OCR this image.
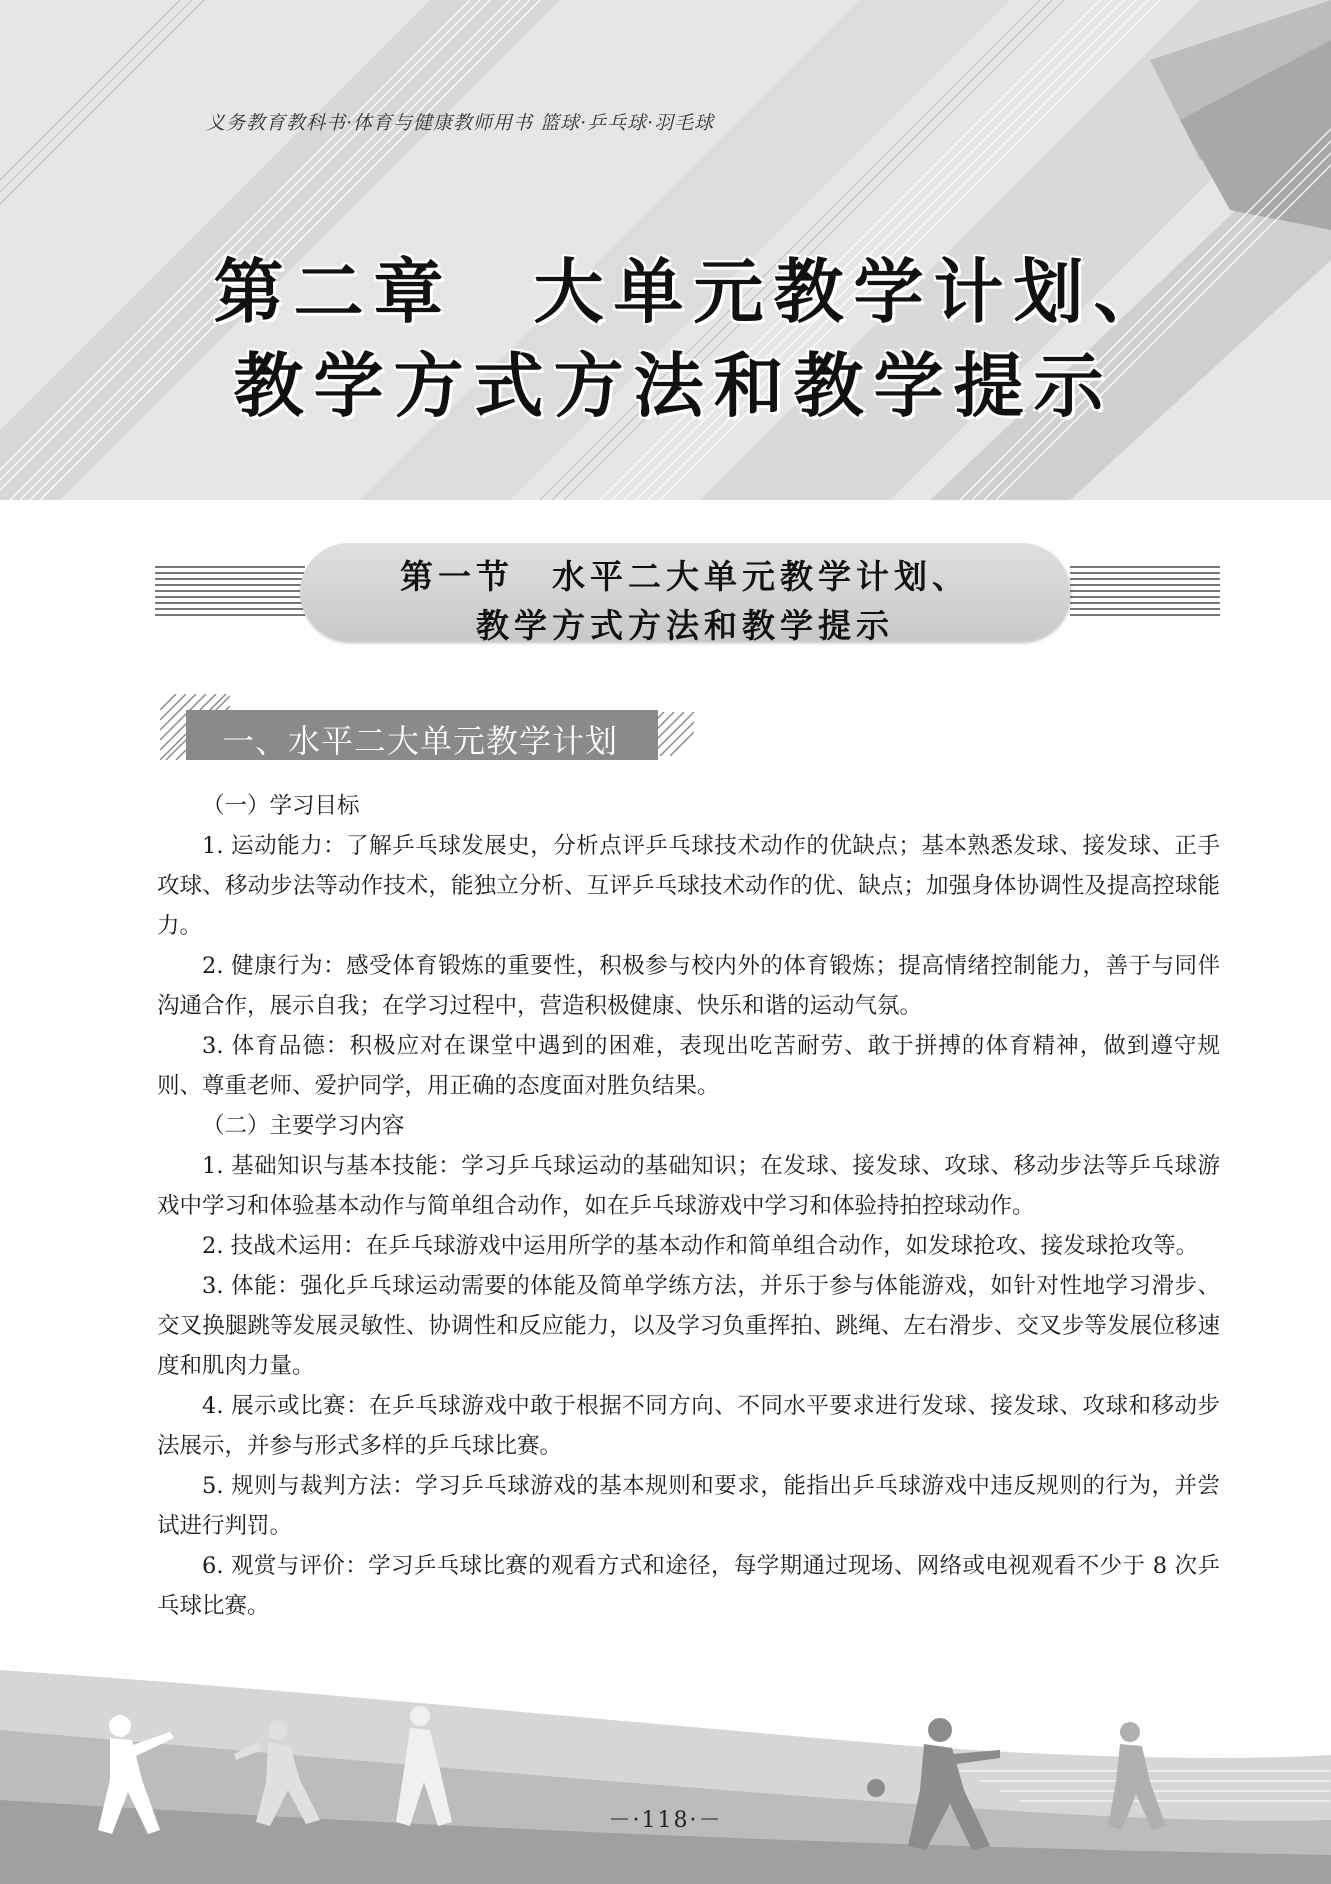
义务教育教科书·体育与健康教师用书 篮球·乒乓球·羽毛球
第二章　大单元教学计划、
教学方式方法和教学提示
第一节　水平二大单元教学计划、
教学方式方法和教学提示
一、水平二大单元教学计划

（一）学习目标

1. 运动能力：了解乒乓球发展史，分析点评乒乓球技术动作的优缺点；基本熟悉发球、接发球、正手攻球、移动步法等动作技术，能独立分析、互评乒乓球技术动作的优、缺点；加强身体协调性及提高控球能力。

2. 健康行为：感受体育锻炼的重要性，积极参与校内外的体育锻炼；提高情绪控制能力，善于与同伴沟通合作，展示自我；在学习过程中，营造积极健康、快乐和谐的运动气氛。

3. 体育品德：积极应对在课堂中遇到的困难，表现出吃苦耐劳、敢于拼搏的体育精神，做到遵守规则、尊重老师、爱护同学，用正确的态度面对胜负结果。

（二）主要学习内容

1. 基础知识与基本技能：学习乒乓球运动的基础知识；在发球、接发球、攻球、移动步法等乒乓球游戏中学习和体验基本动作与简单组合动作，如在乒乓球游戏中学习和体验持拍控球动作。

2. 技战术运用：在乒乓球游戏中运用所学的基本动作和简单组合动作，如发球抢攻、接发球抢攻等。

3. 体能：强化乒乓球运动需要的体能及简单学练方法，并乐于参与体能游戏，如针对性地学习滑步、交叉换腿跳等发展灵敏性、协调性和反应能力，以及学习负重挥拍、跳绳、左右滑步、交叉步等发展位移速度和肌肉力量。

4. 展示或比赛：在乒乓球游戏中敢于根据不同方向、不同水平要求进行发球、接发球、攻球和移动步法展示，并参与形式多样的乒乓球比赛。

5. 规则与裁判方法：学习乒乓球游戏的基本规则和要求，能指出乒乓球游戏中违反规则的行为，并尝试进行判罚。

6. 观赏与评价：学习乒乓球比赛的观看方式和途径，每学期通过现场、网络或电视观看不少于 8 次乒乓球比赛。

－·118·－
